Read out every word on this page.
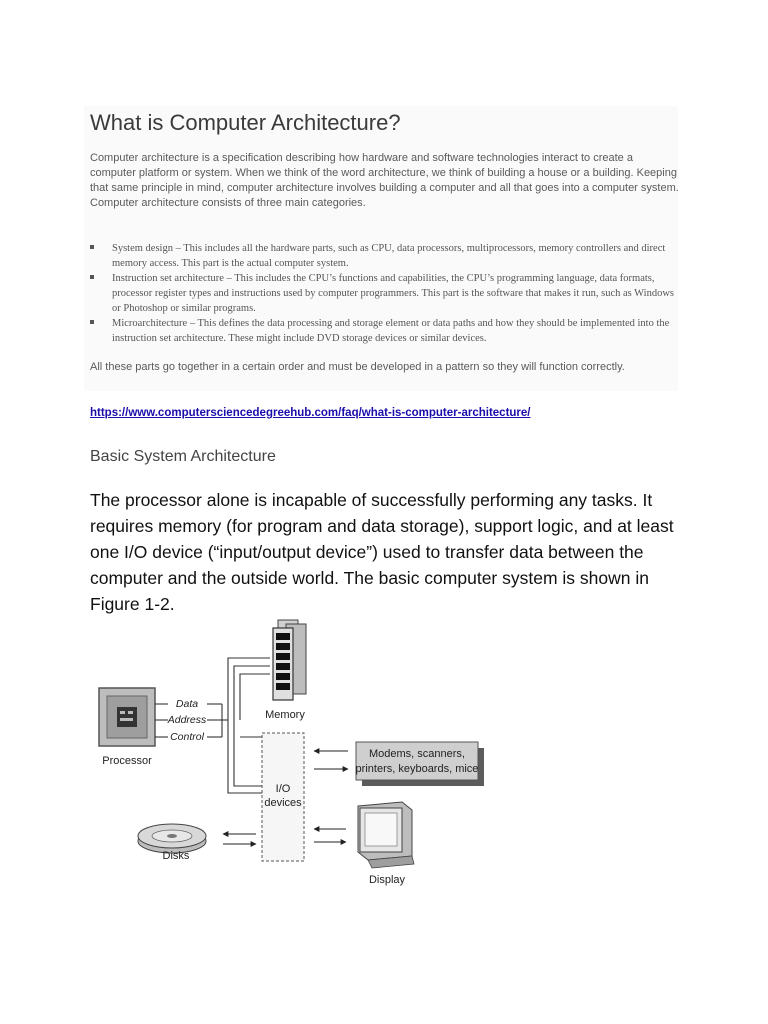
What is Computer Architecture?
Computer architecture is a specification describing how hardware and software technologies interact to create a computer platform or system. When we think of the word architecture, we think of building a house or a building. Keeping that same principle in mind, computer architecture involves building a computer and all that goes into a computer system. Computer architecture consists of three main categories.
System design – This includes all the hardware parts, such as CPU, data processors, multiprocessors, memory controllers and direct memory access. This part is the actual computer system.
Instruction set architecture – This includes the CPU’s functions and capabilities, the CPU’s programming language, data formats, processor register types and instructions used by computer programmers. This part is the software that makes it run, such as Windows or Photoshop or similar programs.
Microarchitecture – This defines the data processing and storage element or data paths and how they should be implemented into the instruction set architecture. These might include DVD storage devices or similar devices.
All these parts go together in a certain order and must be developed in a pattern so they will function correctly.
https://www.computersciencedegreehub.com/faq/what-is-computer-architecture/
Basic System Architecture
The processor alone is incapable of successfully performing any tasks. It requires memory (for program and data storage), support logic, and at least one I/O device (“input/output device”) used to transfer data between the computer and the outside world. The basic computer system is shown in Figure 1-2.
Processor
Data
Address
Control
Memory
I/O
devices
Modems, scanners,
printers, keyboards, mice
Disks
Display
